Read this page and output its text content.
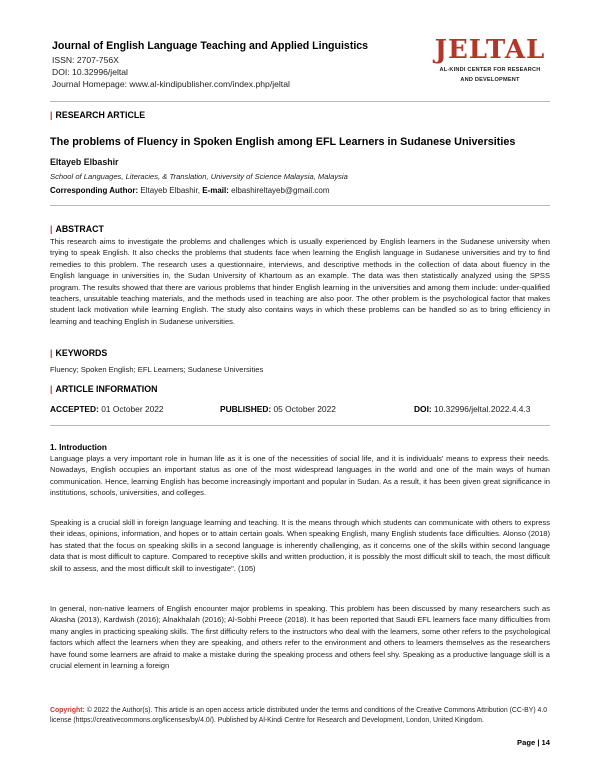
Journal of English Language Teaching and Applied Linguistics
ISSN: 2707-756X
DOI: 10.32996/jeltal
Journal Homepage: www.al-kindipublisher.com/index.php/jeltal
JELTAL
AL-KINDI CENTER FOR RESEARCH
AND DEVELOPMENT
| RESEARCH ARTICLE
The problems of Fluency in Spoken English among EFL Learners in Sudanese Universities
Eltayeb Elbashir
School of Languages, Literacies, & Translation, University of Science Malaysia, Malaysia
Corresponding Author: Eltayeb Elbashir, E-mail: elbashireltayeb@gmail.com
| ABSTRACT
This research aims to investigate the problems and challenges which is usually experienced by English learners in the Sudanese university when trying to speak English. It also checks the problems that students face when learning the English language in Sudanese universities and try to find remedies to this problem. The research uses a questionnaire, interviews, and descriptive methods in the collection of data about fluency in the English language in universities in, the Sudan University of Khartoum as an example. The data was then statistically analyzed using the SPSS program. The results showed that there are various problems that hinder English learning in the universities and among them include: under-qualified teachers, unsuitable teaching materials, and the methods used in teaching are also poor. The other problem is the psychological factor that makes student lack motivation while learning English. The study also contains ways in which these problems can be handled so as to bring efficiency in learning and teaching English in Sudanese universities.
| KEYWORDS
Fluency; Spoken English; EFL Learners; Sudanese Universities
| ARTICLE INFORMATION
ACCEPTED: 01 October 2022	PUBLISHED: 05 October 2022	DOI: 10.32996/jeltal.2022.4.4.3
1. Introduction
Language plays a very important role in human life as it is one of the necessities of social life, and it is individuals' means to express their needs. Nowadays, English occupies an important status as one of the most widespread languages in the world and one of the main ways of human communication. Hence, learning English has become increasingly important and popular in Sudan. As a result, it has been given great significance in institutions, schools, universities, and colleges.
Speaking is a crucial skill in foreign language learning and teaching. It is the means through which students can communicate with others to express their ideas, opinions, information, and hopes or to attain certain goals. When speaking English, many English students face difficulties. Alonso (2018) has stated that the focus on speaking skills in a second language is inherently challenging, as it concerns one of the skills within second language data that is most difficult to capture. Compared to receptive skills and written production, it is possibly the most difficult skill to teach, the most difficult skill to assess, and the most difficult skill to investigate". (105)
In general, non-native learners of English encounter major problems in speaking. This problem has been discussed by many researchers such as Akasha (2013), Kardwish (2016); Alnakhalah (2016); Al-Sobhi Preece (2018). It has been reported that Saudi EFL learners face many difficulties from many angles in practicing speaking skills. The first difficulty refers to the instructors who deal with the learners, some other refers to the psychological factors which affect the learners when they are speaking, and others refer to the environment and others to learners themselves as the researchers have found some learners are afraid to make a mistake during the speaking process and others feel shy. Speaking as a productive language skill is a crucial element in learning a foreign
Copyright: © 2022 the Author(s). This article is an open access article distributed under the terms and conditions of the Creative Commons Attribution (CC-BY) 4.0 license (https://creativecommons.org/licenses/by/4.0/). Published by Al-Kindi Centre for Research and Development, London, United Kingdom.
Page | 14
